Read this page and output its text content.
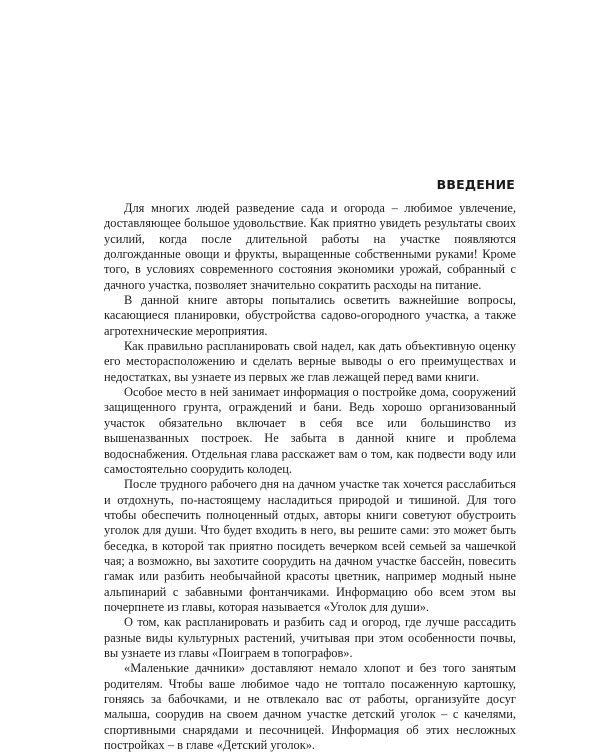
ВВЕДЕНИЕ

Для многих людей разведение сада и огорода – любимое увлечение, доставляющее большое удовольствие. Как приятно увидеть результаты своих усилий, когда после длительной работы на участке появляются долгожданные овощи и фрукты, выращенные собственными руками! Кроме того, в условиях современного состояния экономики урожай, собранный с дачного участка, позволяет значительно сократить расходы на питание.

В данной книге авторы попытались осветить важнейшие вопросы, касающиеся планировки, обустройства садово-огородного участка, а также агротехнические мероприятия.

Как правильно распланировать свой надел, как дать объективную оценку его месторасположению и сделать верные выводы о его преимуществах и недостатках, вы узнаете из первых же глав лежащей перед вами книги.

Особое место в ней занимает информация о постройке дома, сооружений защищенного грунта, ограждений и бани. Ведь хорошо организованный участок обязательно включает в себя все или большинство из вышеназванных построек. Не забыта в данной книге и проблема водоснабжения. Отдельная глава расскажет вам о том, как подвести воду или самостоятельно соорудить колодец.

После трудного рабочего дня на дачном участке так хочется расслабиться и отдохнуть, по-настоящему насладиться природой и тишиной. Для того чтобы обеспечить полноценный отдых, авторы книги советуют обустроить уголок для души. Что будет входить в него, вы решите сами: это может быть беседка, в которой так приятно посидеть вечерком всей семьей за чашечкой чая; а возможно, вы захотите соорудить на дачном участке бассейн, повесить гамак или разбить необычайной красоты цветник, например модный ныне альпинарий с забавными фонтанчиками. Информацию обо всем этом вы почерпнете из главы, которая называется «Уголок для души».

О том, как распланировать и разбить сад и огород, где лучше рассадить разные виды культурных растений, учитывая при этом особенности почвы, вы узнаете из главы «Поиграем в топографов».

«Маленькие дачники» доставляют немало хлопот и без того занятым родителям. Чтобы ваше любимое чадо не топтало посаженную картошку, гоняясь за бабочками, и не отвлекало вас от работы, организуйте досуг малыша, соорудив на своем дачном участке детский уголок – с качелями, спортивными снарядами и песочницей. Информация об этих несложных постройках – в главе «Детский уголок».
